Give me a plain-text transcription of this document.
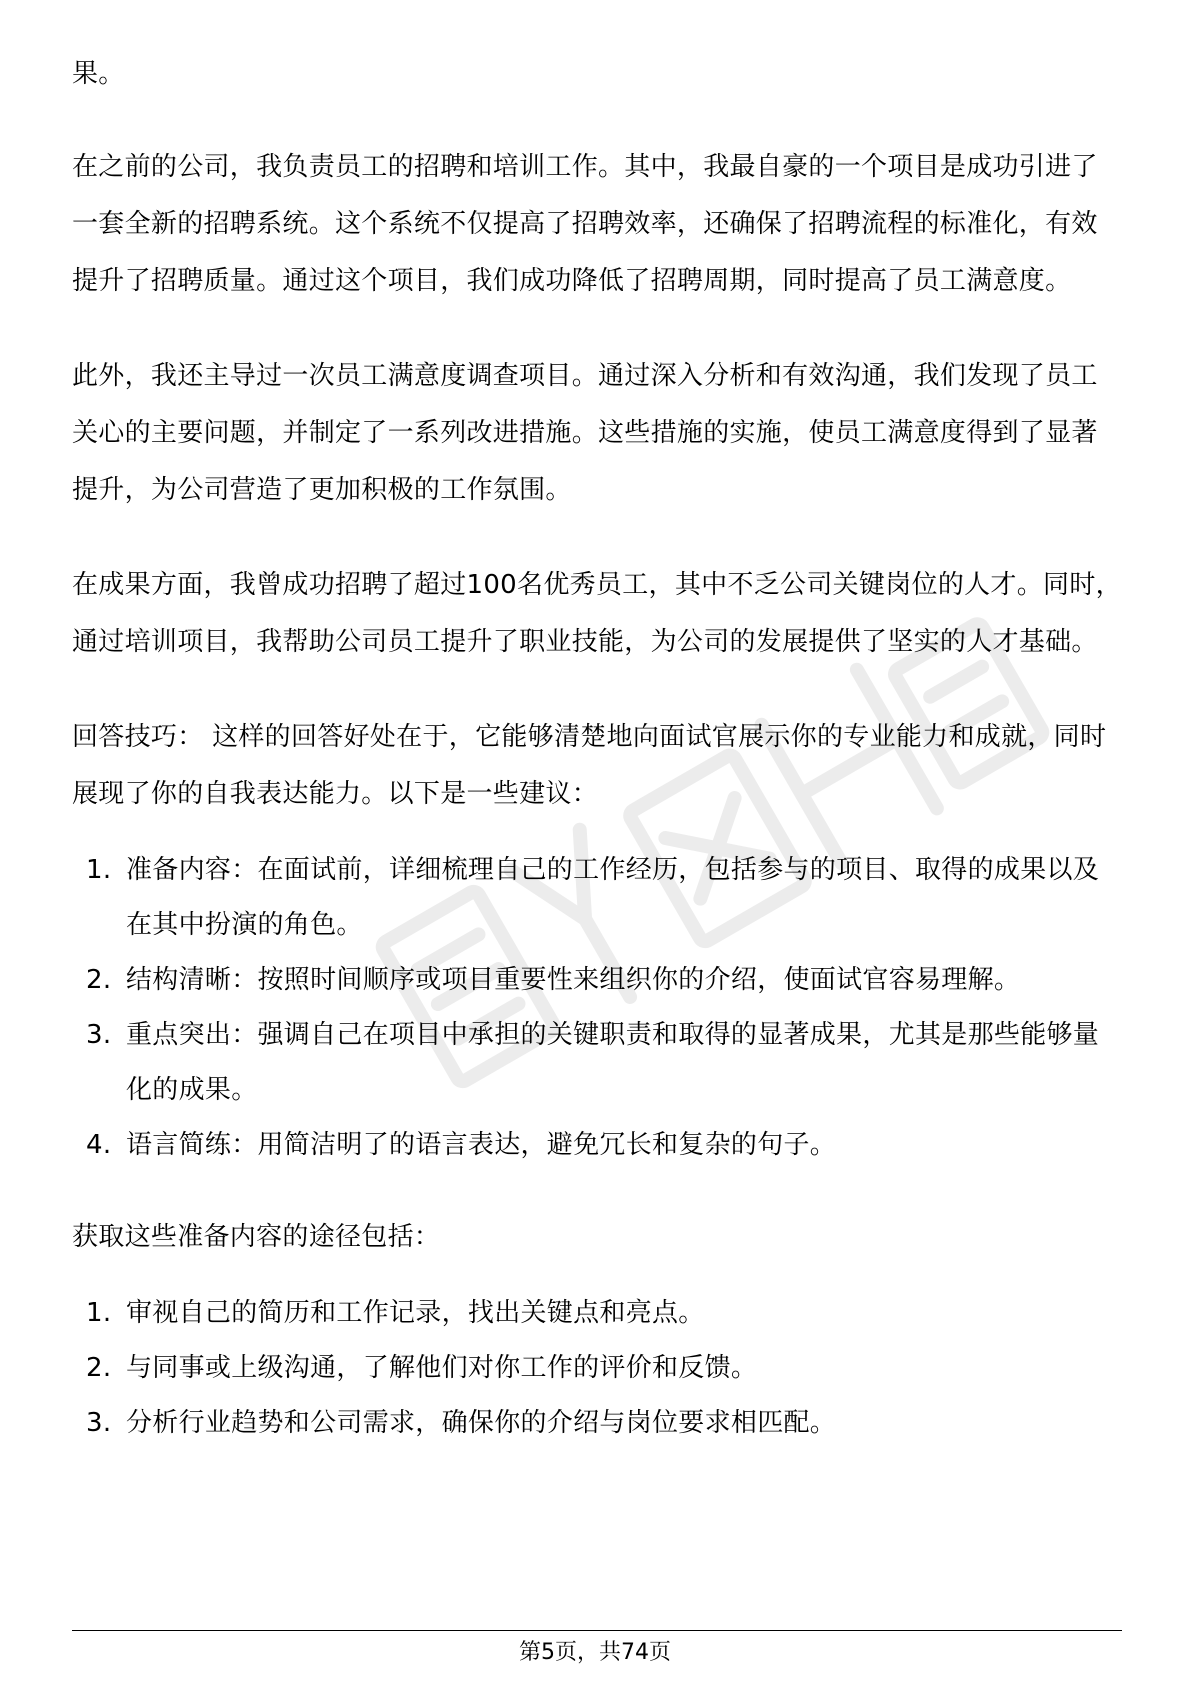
果。

在之前的公司，我负责员工的招聘和培训工作。其中，我最自豪的一个项目是成功引进了一套全新的招聘系统。这个系统不仅提高了招聘效率，还确保了招聘流程的标准化，有效提升了招聘质量。通过这个项目，我们成功降低了招聘周期，同时提高了员工满意度。

此外，我还主导过一次员工满意度调查项目。通过深入分析和有效沟通，我们发现了员工关心的主要问题，并制定了一系列改进措施。这些措施的实施，使员工满意度得到了显著提升，为公司营造了更加积极的工作氛围。

在成果方面，我曾成功招聘了超过100名优秀员工，其中不乏公司关键岗位的人才。同时，通过培训项目，我帮助公司员工提升了职业技能，为公司的发展提供了坚实的人才基础。

回答技巧： 这样的回答好处在于，它能够清楚地向面试官展示你的专业能力和成就，同时展现了你的自我表达能力。以下是一些建议：

1. 准备内容：在面试前，详细梳理自己的工作经历，包括参与的项目、取得的成果以及在其中扮演的角色。
2. 结构清晰：按照时间顺序或项目重要性来组织你的介绍，使面试官容易理解。
3. 重点突出：强调自己在项目中承担的关键职责和取得的显著成果，尤其是那些能够量化的成果。
4. 语言简练：用简洁明了的语言表达，避免冗长和复杂的句子。

获取这些准备内容的途径包括：

1. 审视自己的简历和工作记录，找出关键点和亮点。
2. 与同事或上级沟通，了解他们对你工作的评价和反馈。
3. 分析行业趋势和公司需求，确保你的介绍与岗位要求相匹配。
第5页，共74页
